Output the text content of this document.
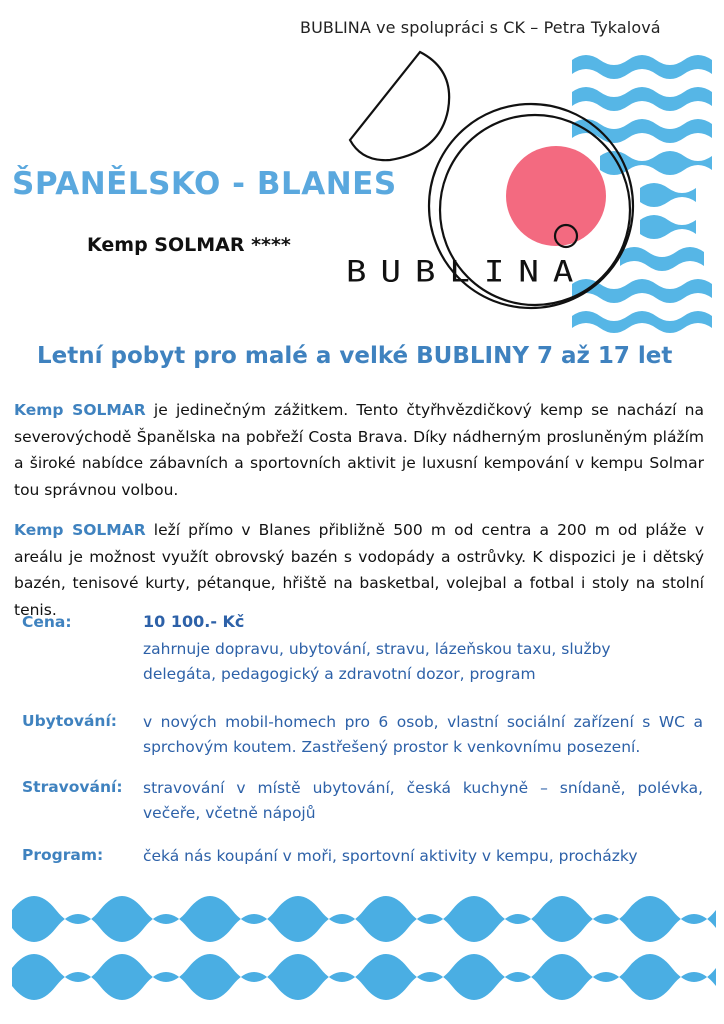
BUBLINA ve spolupráci s CK – Petra Tykalová
ŠPANĚLSKO - BLANES
Kemp SOLMAR ****
BUBLINA
Letní pobyt pro malé a velké BUBLINY 7 až 17 let
Kemp SOLMAR je jedinečným zážitkem. Tento čtyřhvězdičkový kemp se nachází na severovýchodě Španělska na pobřeží Costa Brava. Díky nádherným prosluněným plážím a široké nabídce zábavních a sportovních aktivit je luxusní kempování v kempu Solmar tou správnou volbou.
Kemp SOLMAR leží přímo v Blanes přibližně 500 m od centra a 200 m od pláže v areálu je možnost využít obrovský bazén s vodopády a ostrůvky. K dispozici je i dětský bazén, tenisové kurty, pétanque, hřiště na basketbal, volejbal a fotbal i stoly na stolní tenis.
Cena:	10 100.- Kč
zahrnuje dopravu, ubytování, stravu, lázeňskou taxu, služby delegáta, pedagogický a zdravotní dozor, program
Ubytování: v nových mobil-homech pro 6 osob, vlastní sociální zařízení s WC a sprchovým koutem. Zastřešený prostor k venkovnímu posezení.
Stravování: stravování v místě ubytování, česká kuchyně – snídaně, polévka, večeře, včetně nápojů
Program:	čeká nás koupání v moři, sportovní aktivity v kempu, procházky
